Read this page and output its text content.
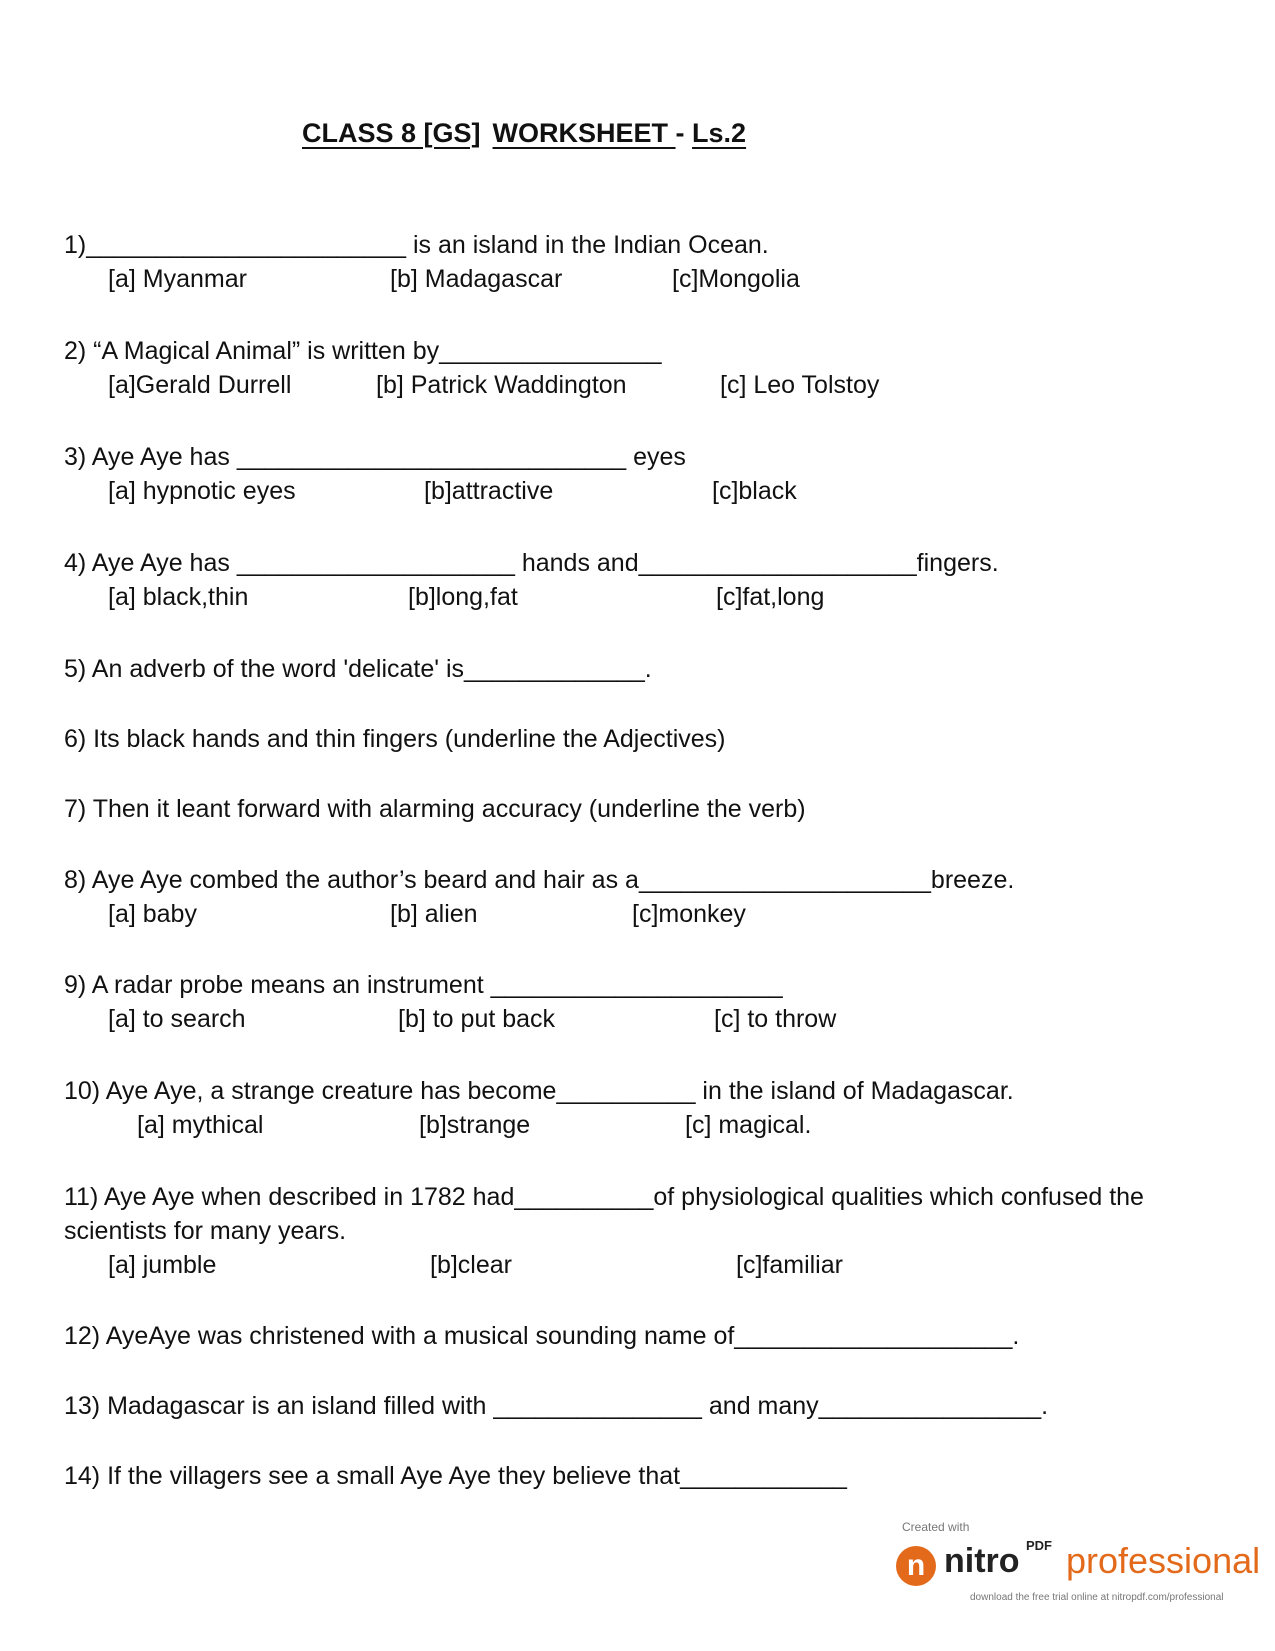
CLASS 8 [GS] WORKSHEET - Ls.2
1)_______________________ is an island in the Indian Ocean.
[a] Myanmar	[b] Madagascar	[c]Mongolia
2) “A Magical Animal” is written by________________
[a]Gerald Durrell	[b] Patrick Waddington	[c] Leo Tolstoy
3) Aye Aye has ____________________________ eyes
[a] hypnotic eyes	[b]attractive	[c]black
4) Aye Aye has ____________________ hands and____________________fingers.
[a] black,thin	[b]long,fat	[c]fat,long
5) An adverb of the word 'delicate' is_____________.
6) Its black hands and thin fingers (underline the Adjectives)
7) Then it leant forward with alarming accuracy (underline the verb)
8) Aye Aye combed the author’s beard and hair as a_____________________breeze.
[a] baby	[b] alien	[c]monkey
9) A radar probe means an instrument _____________________
[a] to search	[b] to put back	[c] to throw
10) Aye Aye, a strange creature has become__________ in the island of Madagascar.
[a] mythical	[b]strange	[c] magical.
11) Aye Aye when described in 1782 had__________of physiological qualities which confused the
scientists for many years.
[a] jumble	[b]clear	[c]familiar
12) AyeAye was christened with a musical sounding name of____________________.
13) Madagascar is an island filled with _______________ and many________________.
14) If the villagers see a small Aye Aye they believe that____________
Created with
n nitro PDF professional
download the free trial online at nitropdf.com/professional
